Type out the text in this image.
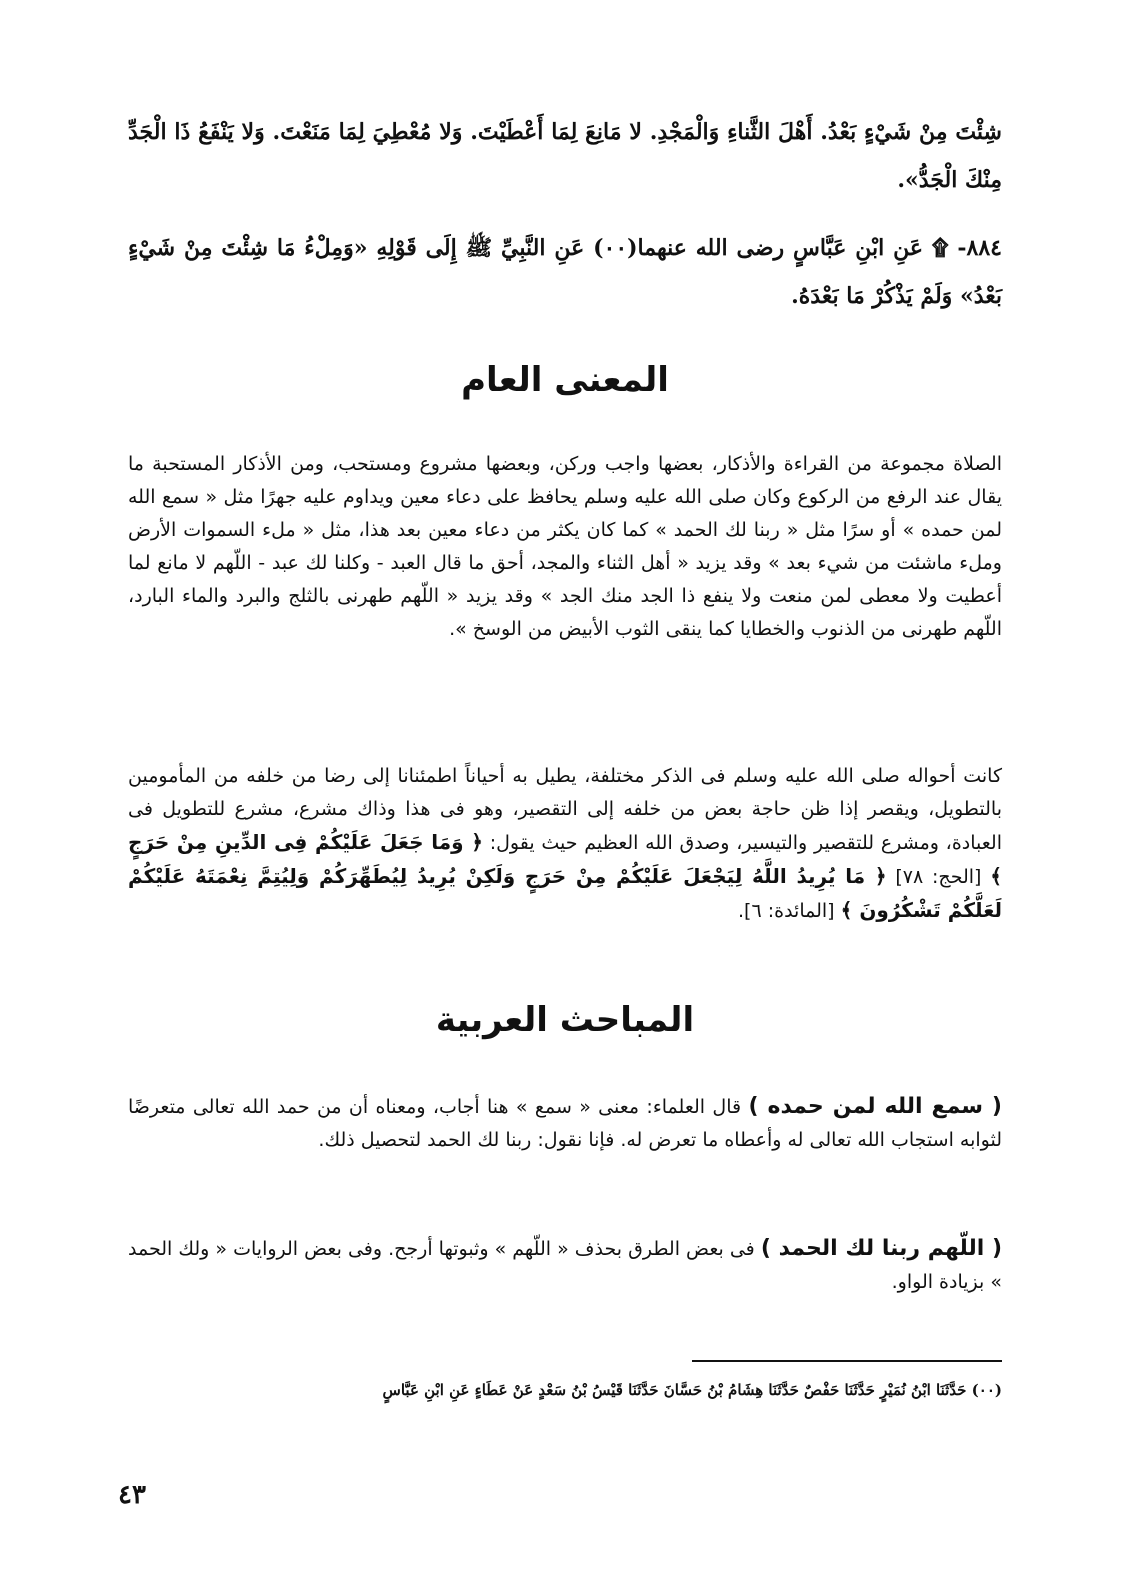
شِئْتَ مِنْ شَيْءٍ بَعْدُ. أَهْلَ الثَّناءِ وَالْمَجْدِ. لا مَانِعَ لِمَا أَعْطَيْتَ. وَلا مُعْطِيَ لِمَا مَنَعْتَ. وَلا يَنْفَعُ ذَا الْجَدِّ مِنْكَ الْجَدُّ».

٨٨٤- ۩ عَنِ ابْنِ عَبَّاسٍ رضى الله عنهما(٠٠) عَنِ النَّبِيِّ ﷺ إِلَى قَوْلِهِ «وَمِلْءُ مَا شِئْتَ مِنْ شَيْءٍ بَعْدُ» وَلَمْ يَذْكُرْ مَا بَعْدَهُ.

المعنى العام

الصلاة مجموعة من القراءة والأذكار، بعضها واجب وركن، وبعضها مشروع ومستحب، ومن الأذكار المستحبة ما يقال عند الرفع من الركوع وكان صلى الله عليه وسلم يحافظ على دعاء معين ويداوم عليه جهرًا مثل « سمع الله لمن حمده » أو سرًا مثل « ربنا لك الحمد » كما كان يكثر من دعاء معين بعد هذا، مثل « ملء السموات الأرض وملء ماشئت من شيء بعد » وقد يزيد « أهل الثناء والمجد، أحق ما قال العبد - وكلنا لك عبد - اللّهم لا مانع لما أعطيت ولا معطى لمن منعت ولا ينفع ذا الجد منك الجد » وقد يزيد « اللّهم طهرنى بالثلج والبرد والماء البارد، اللّهم طهرنى من الذنوب والخطايا كما ينقى الثوب الأبيض من الوسخ ».

كانت أحواله صلى الله عليه وسلم فى الذكر مختلفة، يطيل به أحياناً اطمئنانا إلى رضا من خلفه من المأمومين بالتطويل، ويقصر إذا ظن حاجة بعض من خلفه إلى التقصير، وهو فى هذا وذاك مشرع، مشرع للتطويل فى العبادة، ومشرع للتقصير والتيسير، وصدق الله العظيم حيث يقول: ﴿ وَمَا جَعَلَ عَلَيْكُمْ فِى الدِّينِ مِنْ حَرَجٍ ﴾ [الحج: ٧٨] ﴿ مَا يُرِيدُ اللَّهُ لِيَجْعَلَ عَلَيْكُمْ مِنْ حَرَجٍ وَلَكِنْ يُرِيدُ لِيُطَهِّرَكُمْ وَلِيُتِمَّ نِعْمَتَهُ عَلَيْكُمْ لَعَلَّكُمْ تَشْكُرُونَ ﴾ [المائدة: ٦].

المباحث العربية

( سمع الله لمن حمده ) قال العلماء: معنى « سمع » هنا أجاب، ومعناه أن من حمد الله تعالى متعرضًا لثوابه استجاب الله تعالى له وأعطاه ما تعرض له. فإنا نقول: ربنا لك الحمد لتحصيل ذلك.

( اللّهم ربنا لك الحمد ) فى بعض الطرق بحذف « اللّهم » وثبوتها أرجح. وفى بعض الروايات « ولك الحمد » بزيادة الواو.

(٠٠) حَدَّثَنَا ابْنُ نُمَيْرٍ حَدَّثَنَا حَفْصٌ حَدَّثَنَا هِشَامُ بْنُ حَسَّانَ حَدَّثَنَا قَيْسُ بْنُ سَعْدٍ عَنْ عَطَاءٍ عَنِ ابْنِ عَبَّاسٍ

٤٣
